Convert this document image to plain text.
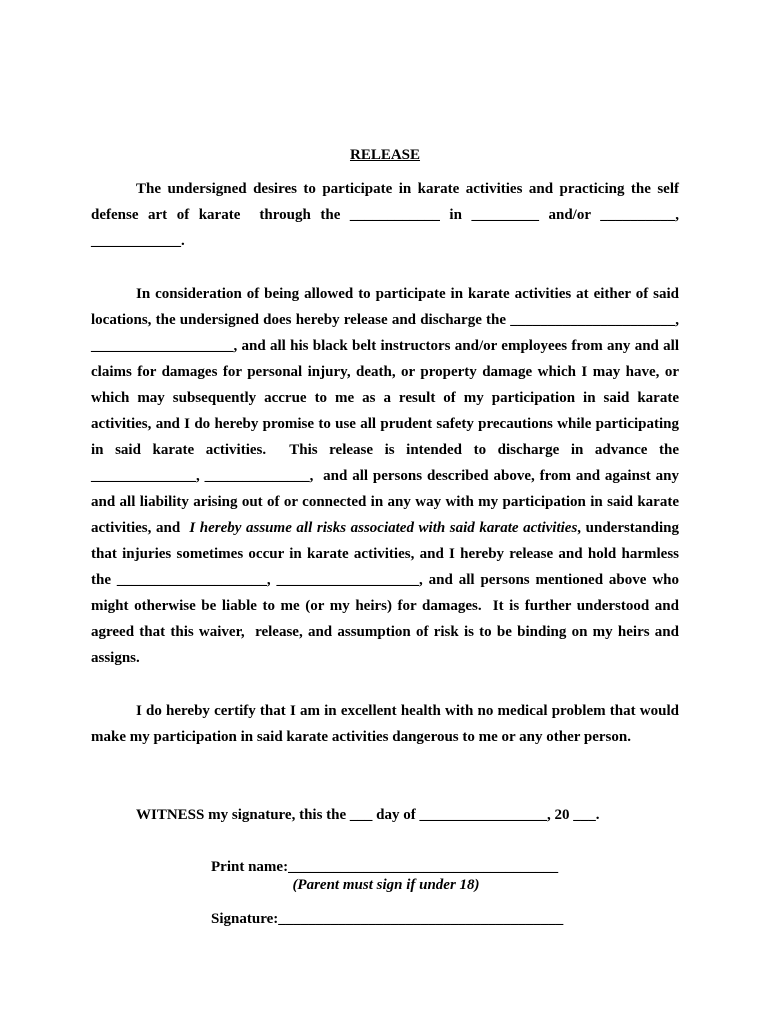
RELEASE

The undersigned desires to participate in karate activities and practicing the self defense art of karate  through the ____________ in _________ and/or __________, ____________.

In consideration of being allowed to participate in karate activities at either of said locations, the undersigned does hereby release and discharge the ______________________, ___________________, and all his black belt instructors and/or employees from any and all claims for damages for personal injury, death, or property damage which I may have, or which may subsequently accrue to me as a result of my participation in said karate activities, and I do hereby promise to use all prudent safety precautions while participating in said karate activities.  This release is intended to discharge in advance the ______________, ______________,  and all persons described above, from and against any and all liability arising out of or connected in any way with my participation in said karate activities, and  I hereby assume all risks associated with said karate activities, understanding that injuries sometimes occur in karate activities, and I hereby release and hold harmless the ____________________, ___________________, and all persons mentioned above who might otherwise be liable to me (or my heirs) for damages.  It is further understood and agreed that this waiver,  release, and assumption of risk is to be binding on my heirs and assigns.

I do hereby certify that I am in excellent health with no medical problem that would make my participation in said karate activities dangerous to me or any other person.

WITNESS my signature, this the ___ day of _________________, 20 ___.
Print name:____________________________________
(Parent must sign if under 18)
Signature:______________________________________
